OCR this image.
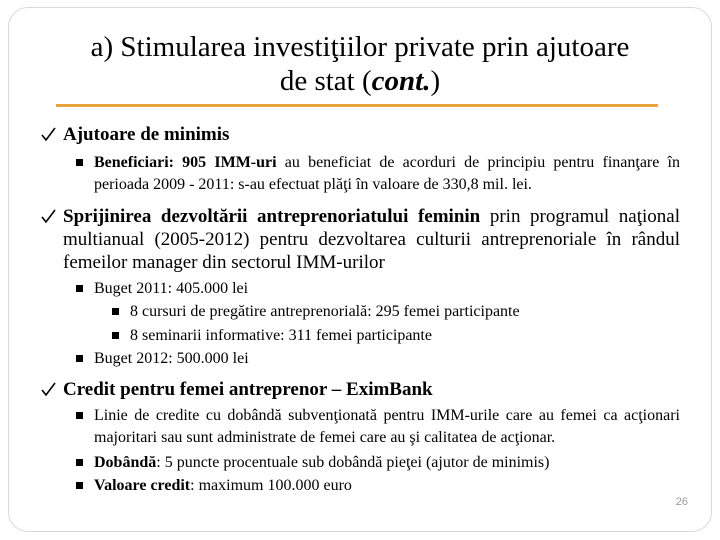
a) Stimularea investiţiilor private prin ajutoare
de stat (cont.)
Ajutoare de minimis
Beneficiari: 905 IMM-uri au beneficiat de acorduri de principiu pentru finanţare în perioada 2009 - 2011: s-au efectuat plăţi în valoare de 330,8 mil. lei.
Sprijinirea dezvoltării antreprenoriatului feminin prin programul naţional multianual (2005-2012) pentru dezvoltarea culturii antreprenoriale în rândul femeilor manager din sectorul IMM-urilor
Buget 2011: 405.000 lei
8 cursuri de pregătire antreprenorială: 295 femei participante
8 seminarii informative: 311 femei participante
Buget 2012: 500.000 lei
Credit pentru femei antreprenor – EximBank
Linie de credite cu dobândă subvenţionată pentru IMM-urile care au femei ca acţionari majoritari sau sunt administrate de femei care au şi calitatea de acţionar.
Dobândă: 5 puncte procentuale sub dobândă pieţei (ajutor de minimis)
Valoare credit: maximum 100.000 euro
26
